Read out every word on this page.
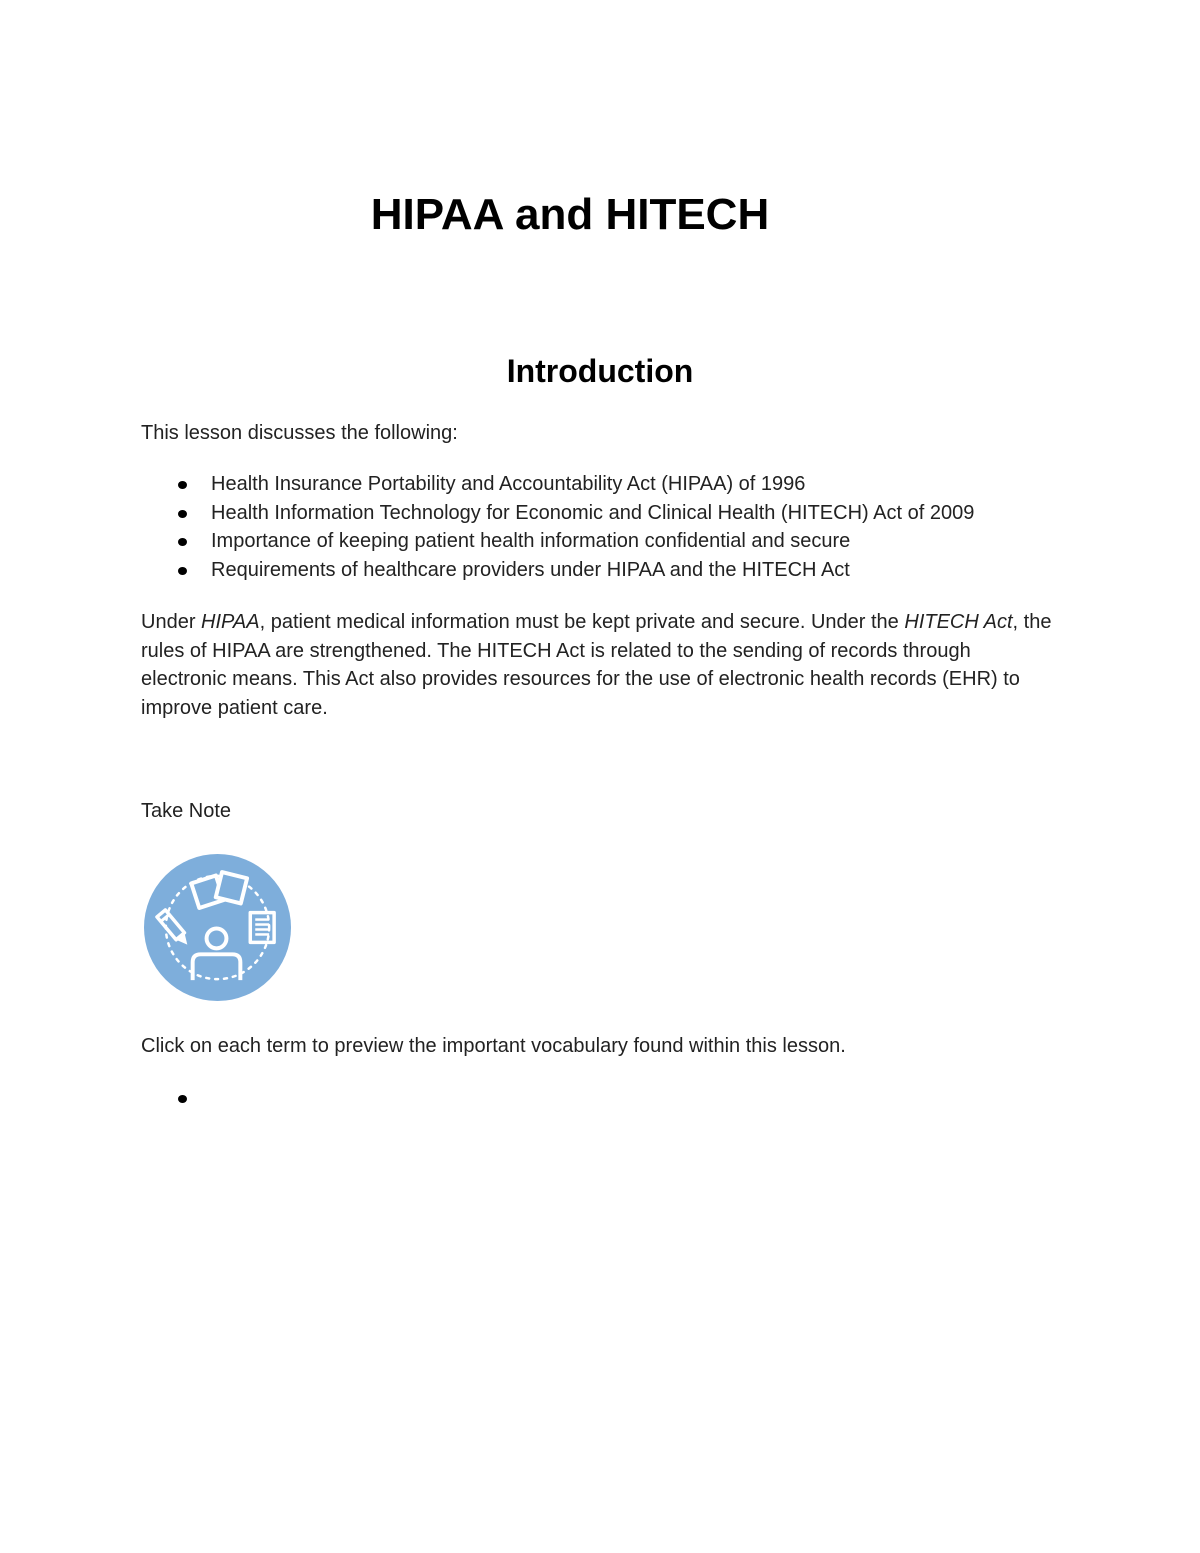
HIPAA and HITECH
Introduction

This lesson discusses the following:

Health Insurance Portability and Accountability Act (HIPAA) of 1996
Health Information Technology for Economic and Clinical Health (HITECH) Act of 2009
Importance of keeping patient health information confidential and secure
Requirements of healthcare providers under HIPAA and the HITECH Act

Under HIPAA, patient medical information must be kept private and secure. Under the HITECH Act, the rules of HIPAA are strengthened. The HITECH Act is related to the sending of records through electronic means. This Act also provides resources for the use of electronic health records (EHR) to improve patient care.

Take Note

Click on each term to preview the important vocabulary found within this lesson.
